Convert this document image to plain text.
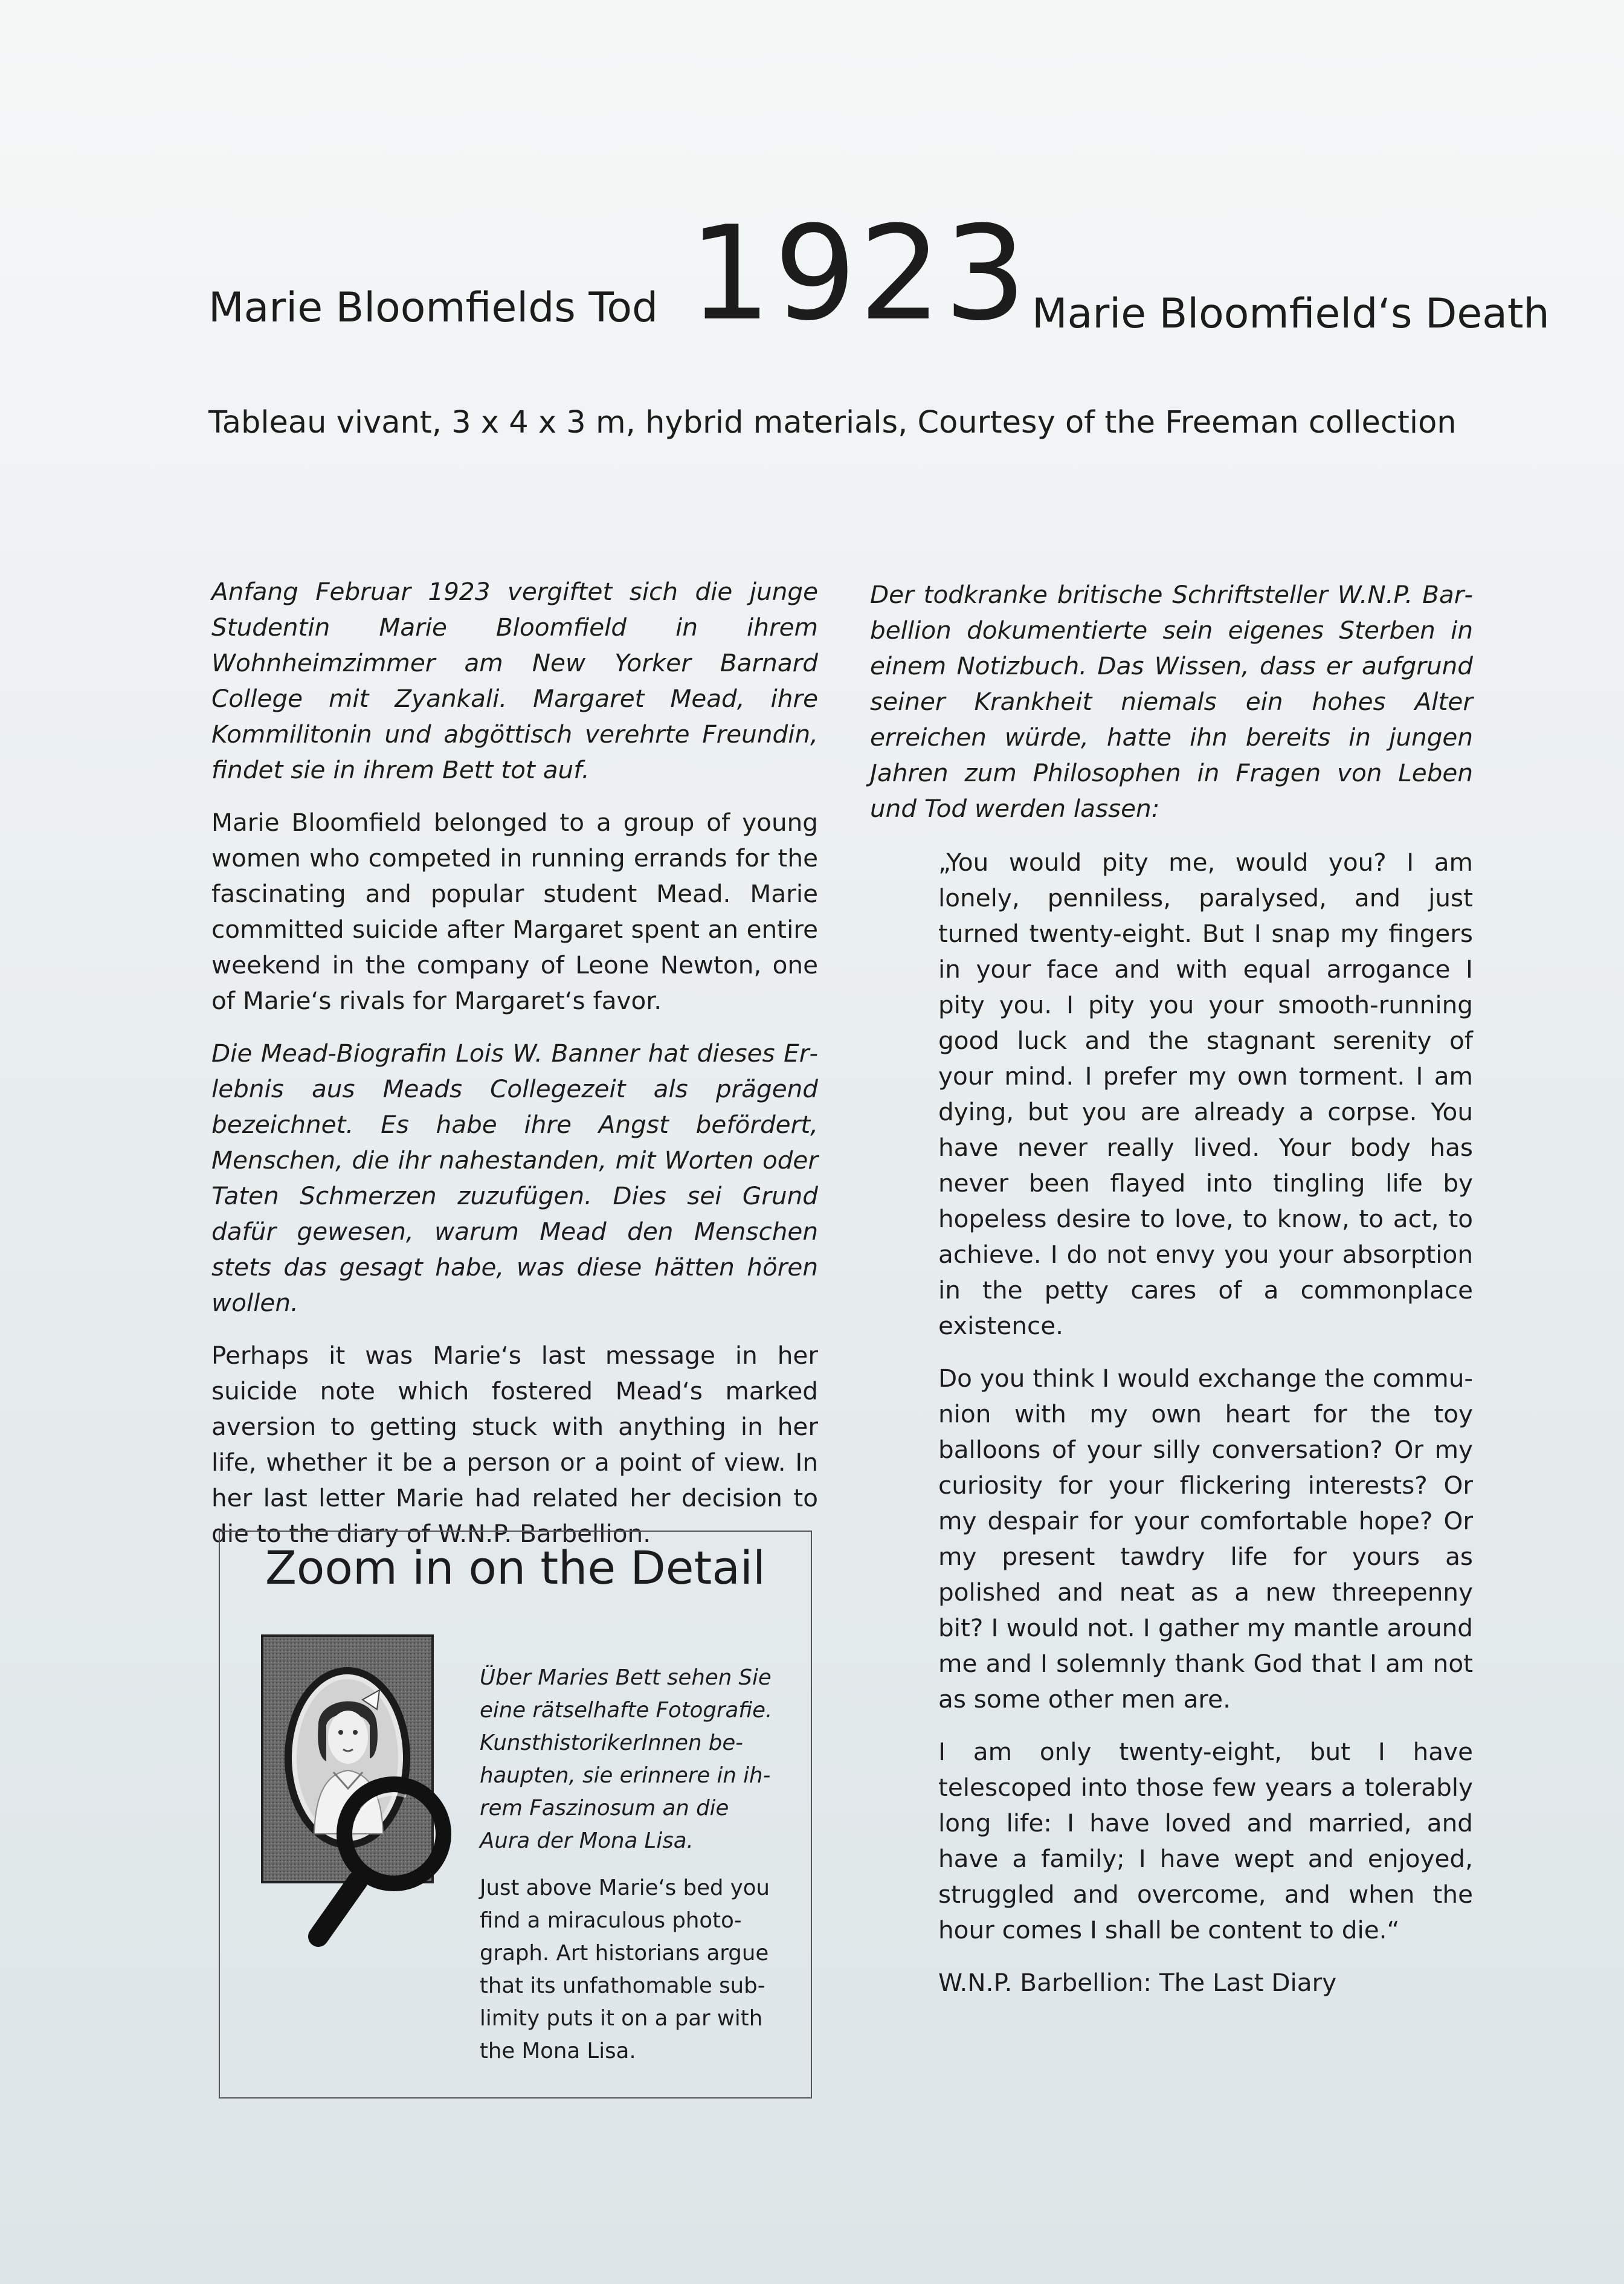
Marie Bloomfields Tod 1923 Marie Bloomfield‘s Death
Tableau vivant, 3 x 4 x 3 m, hybrid materials, Courtesy of the Freeman collection

Anfang Februar 1923 vergiftet sich die junge Studentin Marie Bloomfield in ihrem Wohnheimzimmer am New Yorker Barnard College mit Zyankali. Margaret Mead, ihre Kommilitonin und abgöttisch verehrte Freundin, findet sie in ihrem Bett tot auf.

Marie Bloomfield belonged to a group of young women who competed in running errands for the fascinating and popular student Mead. Marie committed suicide after Margaret spent an entire weekend in the company of Leone Newton, one of Marie‘s rivals for Margaret‘s favor.

Die Mead-Biografin Lois W. Banner hat dieses Erlebnis aus Meads Collegezeit als prägend bezeichnet. Es habe ihre Angst befördert, Menschen, die ihr nahestanden, mit Worten oder Taten Schmerzen zuzufügen. Dies sei Grund dafür gewesen, warum Mead den Menschen stets das gesagt habe, was diese hätten hören wollen.

Perhaps it was Marie‘s last message in her suicide note which fostered Mead‘s marked aversion to getting stuck with anything in her life, whether it be a person or a point of view. In her last letter Marie had related her decision to die to the diary of W.N.P. Barbellion.

Zoom in on the Detail

Über Maries Bett sehen Sie eine rätselhafte Fotografie. KunsthistorikerInnen behaupten, sie erinnere in ihrem Faszinosum an die Aura der Mona Lisa.

Just above Marie‘s bed you find a miraculous photograph. Art historians argue that its unfathomable sublimity puts it on a par with the Mona Lisa.

Der todkranke britische Schriftsteller W.N.P. Barbellion dokumentierte sein eigenes Sterben in einem Notizbuch. Das Wissen, dass er aufgrund seiner Krankheit niemals ein hohes Alter erreichen würde, hatte ihn bereits in jungen Jahren zum Philosophen in Fragen von Leben und Tod werden lassen:

„You would pity me, would you? I am lonely, penniless, paralysed, and just turned twenty-eight. But I snap my fingers in your face and with equal arrogance I pity you. I pity you your smooth-running good luck and the stagnant serenity of your mind. I prefer my own torment. I am dying, but you are already a corpse. You have never really lived. Your body has never been flayed into tingling life by hopeless desire to love, to know, to act, to achieve. I do not envy you your absorption in the petty cares of a commonplace existence.

Do you think I would exchange the communion with my own heart for the toy balloons of your silly conversation? Or my curiosity for your flickering interests? Or my despair for your comfortable hope? Or my present tawdry life for yours as polished and neat as a new threepenny bit? I would not. I gather my mantle around me and I solemnly thank God that I am not as some other men are.

I am only twenty-eight, but I have telescoped into those few years a tolerably long life: I have loved and married, and have a family; I have wept and enjoyed, struggled and overcome, and when the hour comes I shall be content to die.“

W.N.P. Barbellion: The Last Diary
